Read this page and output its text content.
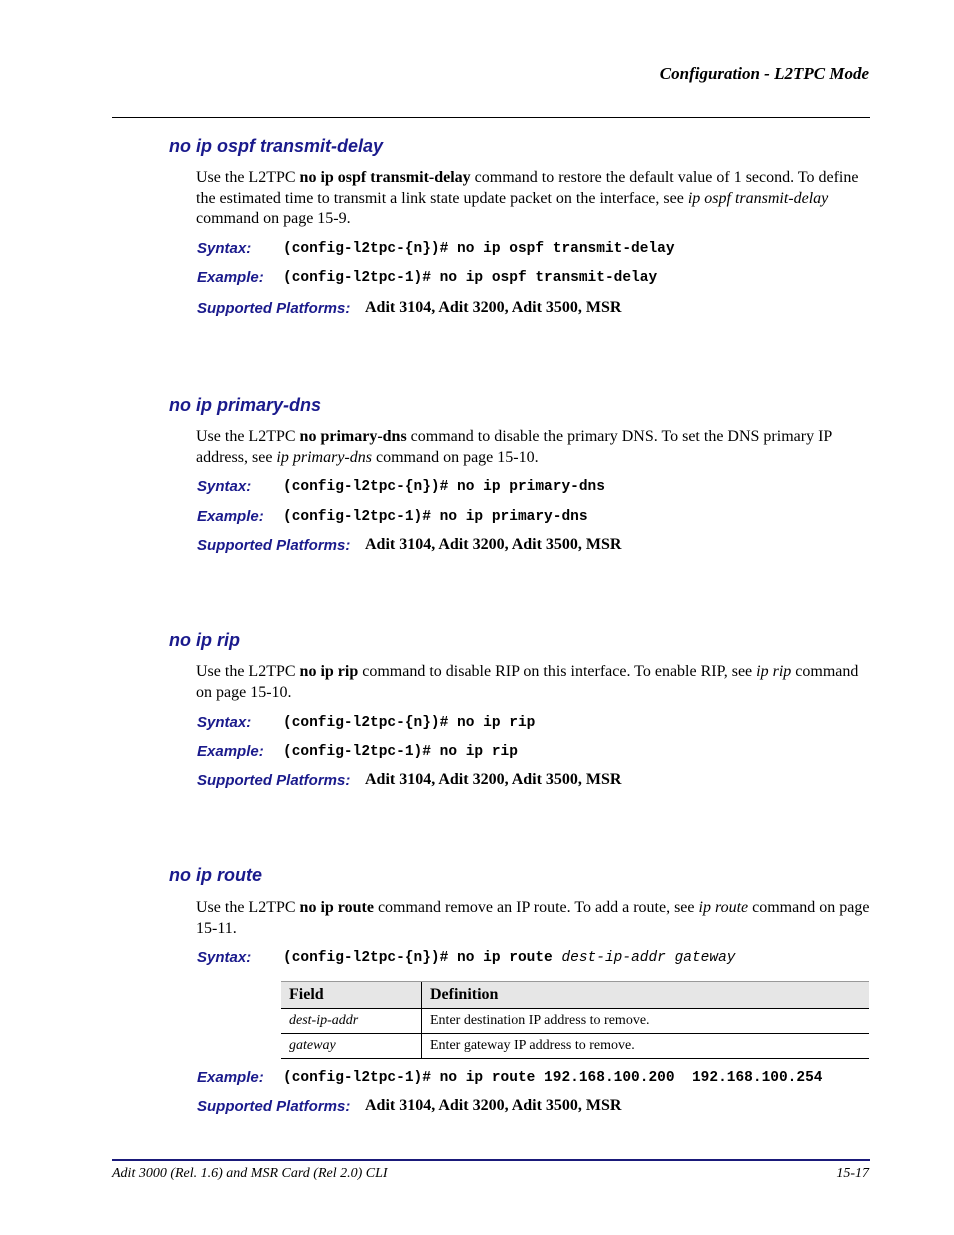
Configuration - L2TPC Mode
no ip ospf transmit-delay
Use the L2TPC no ip ospf transmit-delay command to restore the default value of 1 second. To define the estimated time to transmit a link state update packet on the interface, see ip ospf transmit-delay command on page 15-9.
Syntax: (config-l2tpc-{n})# no ip ospf transmit-delay
Example: (config-l2tpc-1)# no ip ospf transmit-delay
Supported Platforms: Adit 3104, Adit 3200, Adit 3500, MSR
no ip primary-dns
Use the L2TPC no primary-dns command to disable the primary DNS. To set the DNS primary IP address, see ip primary-dns command on page 15-10.
Syntax: (config-l2tpc-{n})# no ip primary-dns
Example: (config-l2tpc-1)# no ip primary-dns
Supported Platforms: Adit 3104, Adit 3200, Adit 3500, MSR
no ip rip
Use the L2TPC no ip rip command to disable RIP on this interface. To enable RIP, see ip rip command on page 15-10.
Syntax: (config-l2tpc-{n})# no ip rip
Example: (config-l2tpc-1)# no ip rip
Supported Platforms: Adit 3104, Adit 3200, Adit 3500, MSR
no ip route
Use the L2TPC no ip route command remove an IP route. To add a route, see ip route command on page 15-11.
Syntax: (config-l2tpc-{n})# no ip route dest-ip-addr gateway
Field	Definition
dest-ip-addr	Enter destination IP address to remove.
gateway	Enter gateway IP address to remove.
Example: (config-l2tpc-1)# no ip route 192.168.100.200  192.168.100.254
Supported Platforms: Adit 3104, Adit 3200, Adit 3500, MSR
Adit 3000 (Rel. 1.6) and MSR Card (Rel 2.0) CLI	15-17
